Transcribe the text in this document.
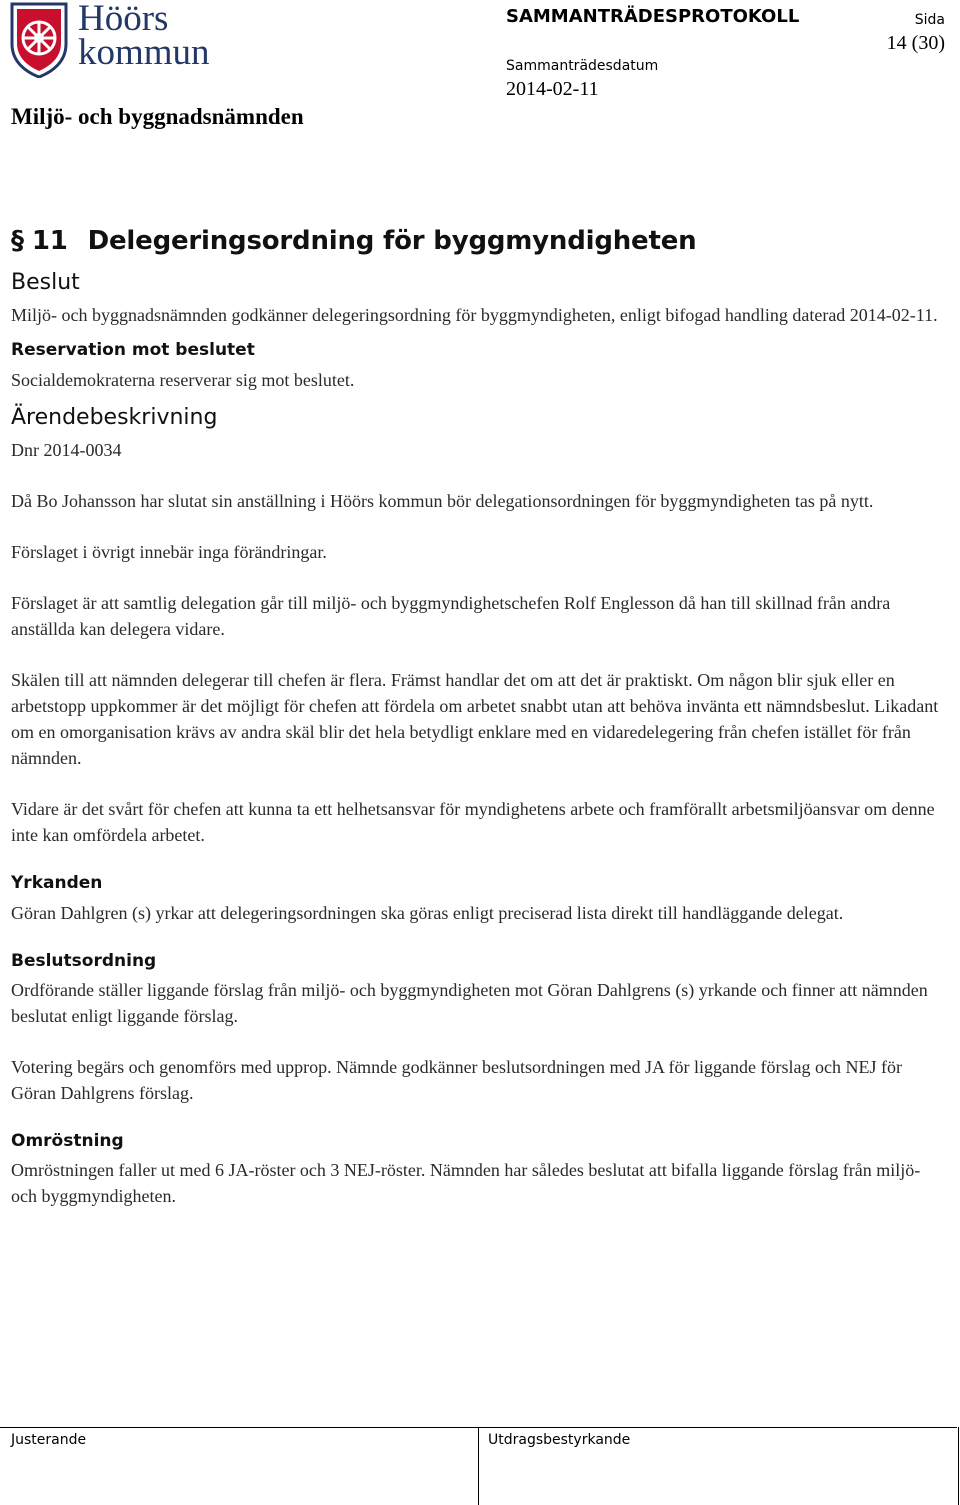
Höörs
kommun
Miljö- och byggnadsnämnden
SAMMANTRÄDESPROTOKOLL
Sammanträdesdatum
2014-02-11
Sida
14 (30)
§ 11 Delegeringsordning för byggmyndigheten
Beslut

Miljö- och byggnadsnämnden godkänner delegeringsordning för byggmyndigheten, enligt bifogad handling daterad 2014-02-11.

Reservation mot beslutet

Socialdemokraterna reserverar sig mot beslutet.

Ärendebeskrivning

Dnr 2014-0034

Då Bo Johansson har slutat sin anställning i Höörs kommun bör delegationsordningen för byggmyndigheten tas på nytt.

Förslaget i övrigt innebär inga förändringar.

Förslaget är att samtlig delegation går till miljö- och byggmyndighetschefen Rolf Englesson då han till skillnad från andra anställda kan delegera vidare.

Skälen till att nämnden delegerar till chefen är flera. Främst handlar det om att det är praktiskt. Om någon blir sjuk eller en arbetstopp uppkommer är det möjligt för chefen att fördela om arbetet snabbt utan att behöva invänta ett nämndsbeslut. Likadant om en omorganisation krävs av andra skäl blir det hela betydligt enklare med en vidaredelegering från chefen istället för från nämnden.

Vidare är det svårt för chefen att kunna ta ett helhetsansvar för myndighetens arbete och framförallt arbetsmiljöansvar om denne inte kan omfördela arbetet.

Yrkanden

Göran Dahlgren (s) yrkar att delegeringsordningen ska göras enligt preciserad lista direkt till handläggande delegat.

Beslutsordning

Ordförande ställer liggande förslag från miljö- och byggmyndigheten mot Göran Dahlgrens (s) yrkande och finner att nämnden beslutat enligt liggande förslag.

Votering begärs och genomförs med upprop. Nämnde godkänner beslutsordningen med JA för liggande förslag och NEJ för Göran Dahlgrens förslag.

Omröstning

Omröstningen faller ut med 6 JA-röster och 3 NEJ-röster. Nämnden har således beslutat att bifalla liggande förslag från miljö- och byggmyndigheten.

Justerande	Utdragsbestyrkande
